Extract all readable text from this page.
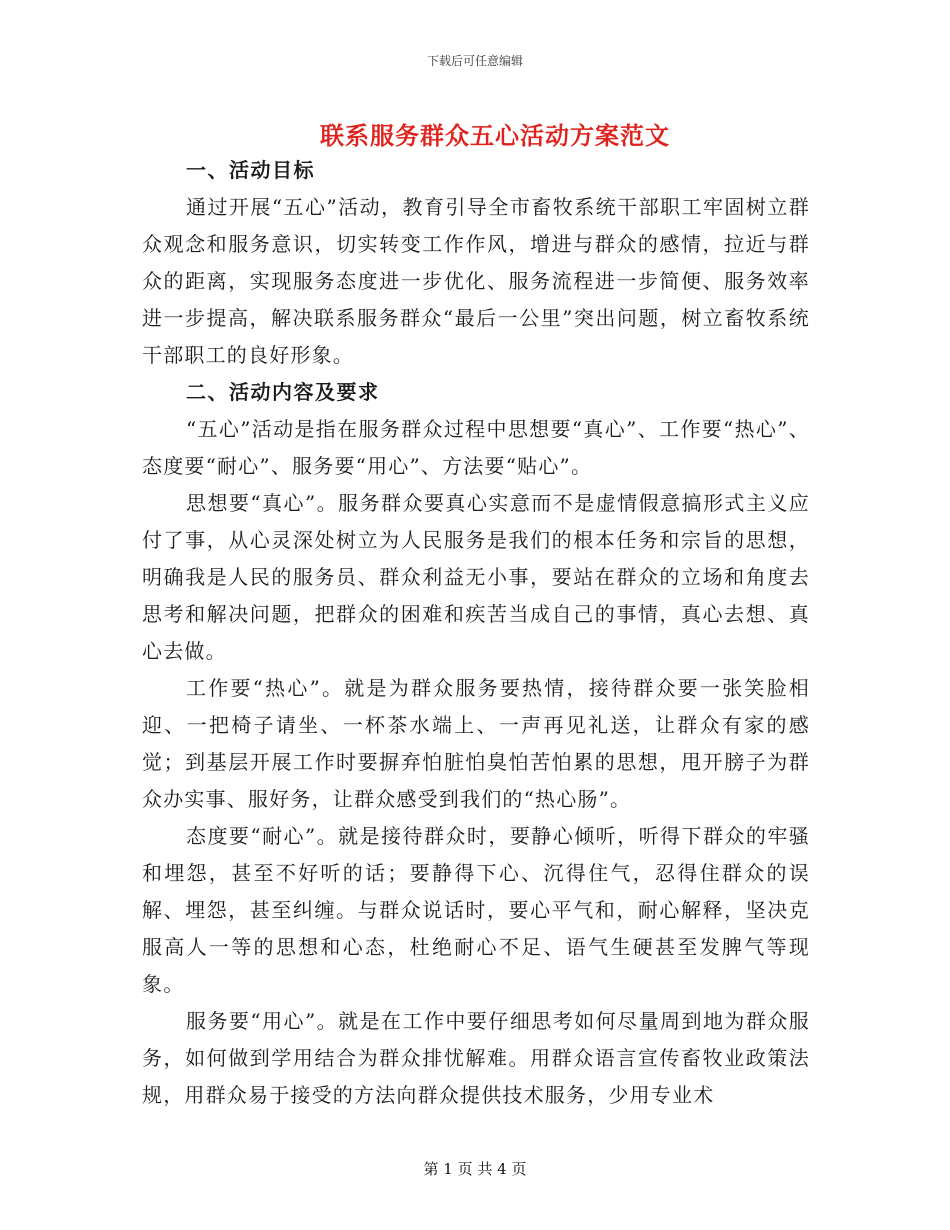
下载后可任意编辑
联系服务群众五心活动方案范文

一、活动目标

通过开展“五心”活动，教育引导全市畜牧系统干部职工牢固树立群众观念和服务意识，切实转变工作作风，增进与群众的感情，拉近与群众的距离，实现服务态度进一步优化、服务流程进一步简便、服务效率进一步提高，解决联系服务群众“最后一公里”突出问题，树立畜牧系统干部职工的良好形象。

二、活动内容及要求

“五心”活动是指在服务群众过程中思想要“真心”、工作要“热心”、态度要“耐心”、服务要“用心”、方法要“贴心”。

思想要“真心”。服务群众要真心实意而不是虚情假意搞形式主义应付了事，从心灵深处树立为人民服务是我们的根本任务和宗旨的思想，明确我是人民的服务员、群众利益无小事，要站在群众的立场和角度去思考和解决问题，把群众的困难和疾苦当成自己的事情，真心去想、真心去做。

工作要“热心”。就是为群众服务要热情，接待群众要一张笑脸相迎、一把椅子请坐、一杯茶水端上、一声再见礼送，让群众有家的感觉；到基层开展工作时要摒弃怕脏怕臭怕苦怕累的思想，甩开膀子为群众办实事、服好务，让群众感受到我们的“热心肠”。

态度要“耐心”。就是接待群众时，要静心倾听，听得下群众的牢骚和埋怨，甚至不好听的话；要静得下心、沉得住气，忍得住群众的误解、埋怨，甚至纠缠。与群众说话时，要心平气和，耐心解释，坚决克服高人一等的思想和心态，杜绝耐心不足、语气生硬甚至发脾气等现象。

服务要“用心”。就是在工作中要仔细思考如何尽量周到地为群众服务，如何做到学用结合为群众排忧解难。用群众语言宣传畜牧业政策法规，用群众易于接受的方法向群众提供技术服务，少用专业术

第 1 页 共 4 页
